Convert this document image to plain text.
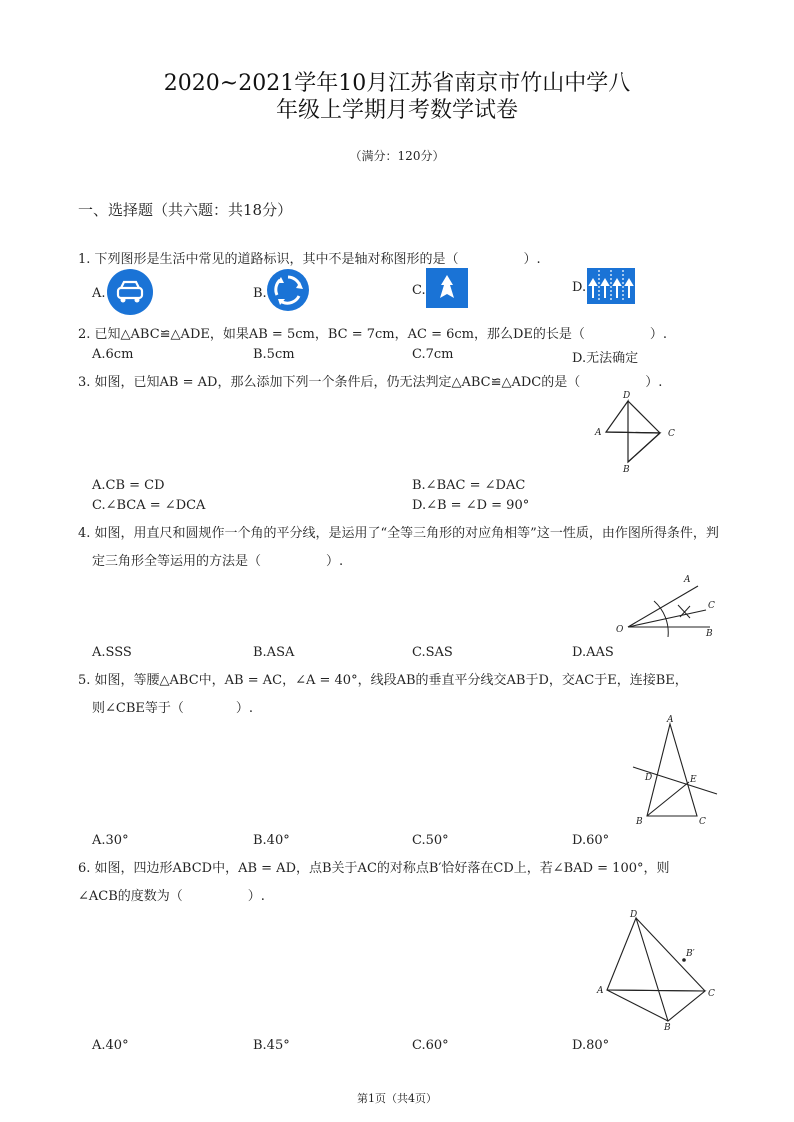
2020~2021学年10月江苏省南京市竹山中学八
年级上学期月考数学试卷
（满分：120分）
一、选择题（共六题：共18分）
1. 下列图形是生活中常见的道路标识，其中不是轴对称图形的是（　　　　　）.
A.	B.	C.	D.
2. 已知△ABC≌△ADE，如果AB = 5cm，BC = 7cm，AC = 6cm，那么DE的长是（　　　　　）.
A.6cm	B.5cm	C.7cm	D.无法确定
3. 如图，已知AB = AD，那么添加下列一个条件后，仍无法判定△ABC≌△ADC的是（　　　　　）.
D
A	C
B
A.CB = CD	B.∠BAC = ∠DAC
C.∠BCA = ∠DCA	D.∠B = ∠D = 90°
4. 如图，用直尺和圆规作一个角的平分线，是运用了“全等三角形的对应角相等”这一性质，由作图所得条件，判
定三角形全等运用的方法是（　　　　　）.
A
C
O	B
A.SSS	B.ASA	C.SAS	D.AAS
5. 如图，等腰△ABC中，AB = AC，∠A = 40°，线段AB的垂直平分线交AB于D，交AC于E，连接BE，
则∠CBE等于（　　　　）.
A
D	E
B	C
A.30°	B.40°	C.50°	D.60°
6. 如图，四边形ABCD中，AB = AD，点B关于AC的对称点B′恰好落在CD上，若∠BAD = 100°，则
∠ACB的度数为（　　　　　）.
D
B′
A	C
B
A.40°	B.45°	C.60°	D.80°
第1页（共4页）
